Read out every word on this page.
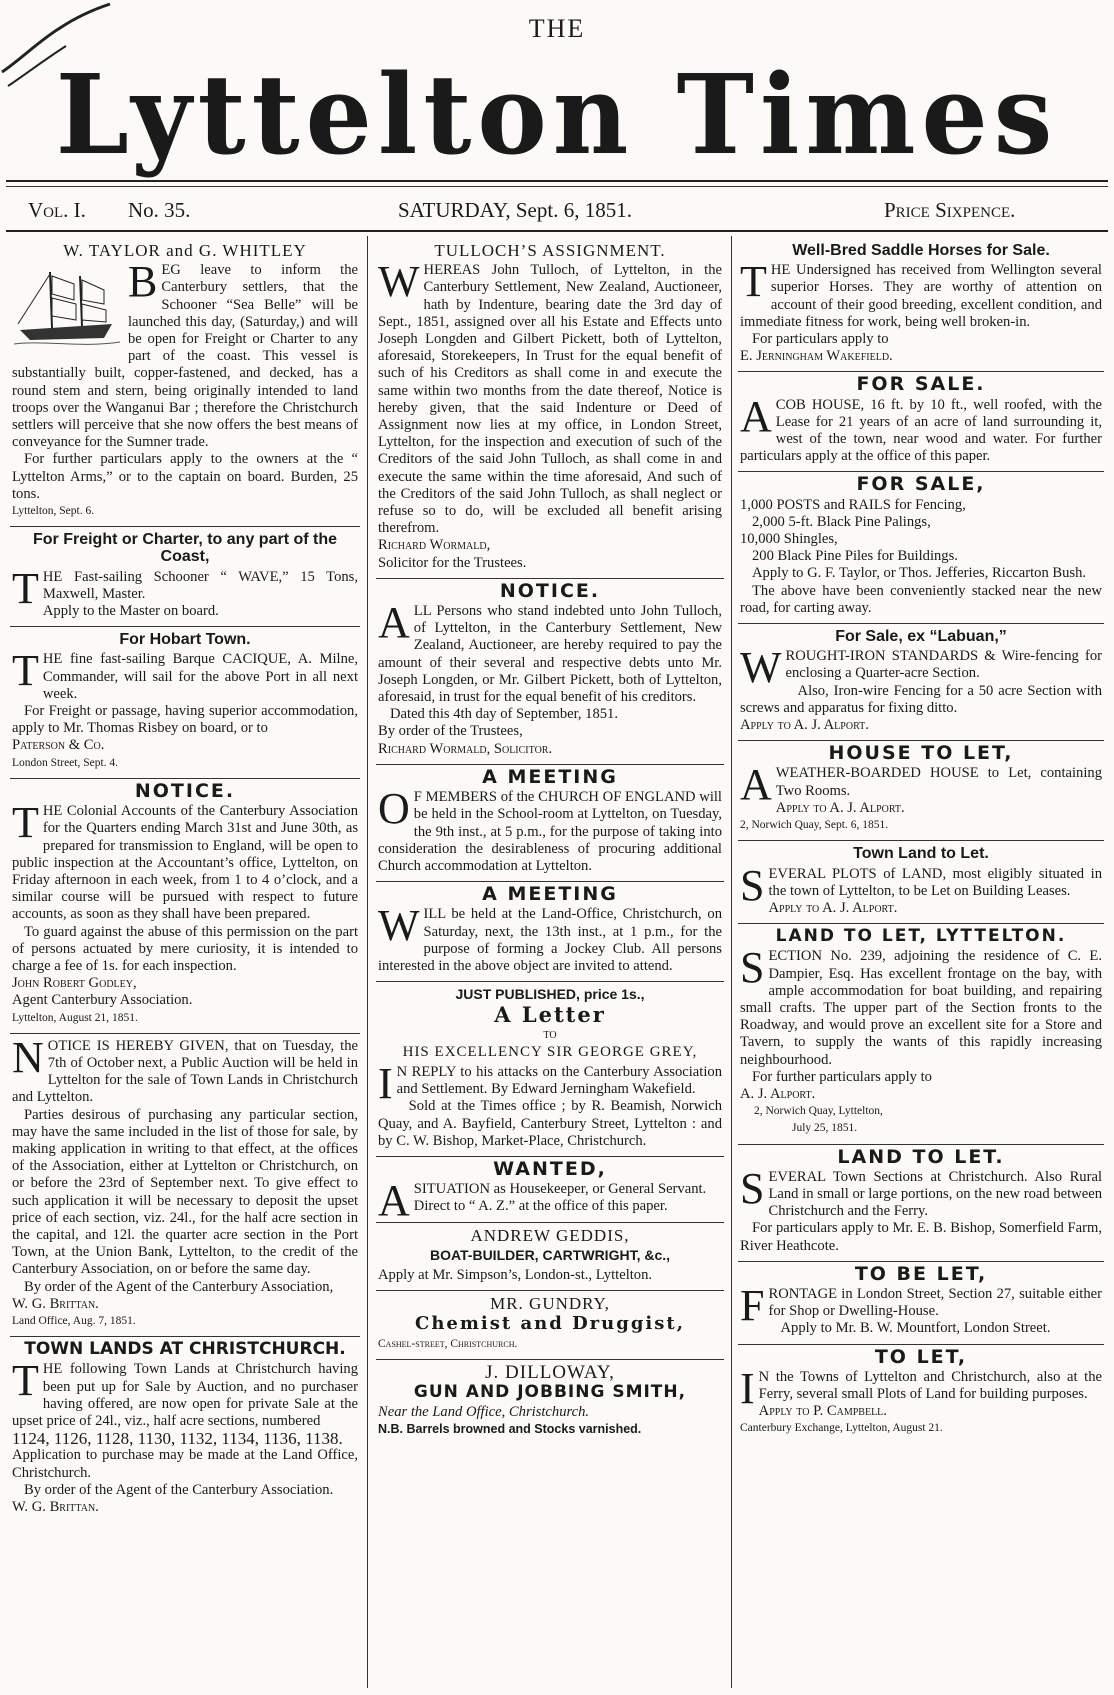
THE
Lyttelton Times
Vol. I. No. 35.	SATURDAY, Sept. 6, 1851.	Price Sixpence.
W. TAYLOR and G. WHITLEY

BEG leave to inform the Canterbury settlers, that the Schooner “Sea Belle” will be launched this day, (Saturday,) and will be open for Freight or Charter to any part of the coast. This vessel is substantially built, copper-fastened, and decked, has a round stem and stern, being originally intended to land troops over the Wanganui Bar ; therefore the Christchurch settlers will perceive that she now offers the best means of conveyance for the Sumner trade.

For further particulars apply to the owners at the “ Lyttelton Arms,” or to the captain on board. Burden, 25 tons.

Lyttelton, Sept. 6.

For Freight or Charter, to any part of the Coast,

THE Fast-sailing Schooner “ WAVE,” 15 Tons, Maxwell, Master.

Apply to the Master on board.

For Hobart Town.

THE fine fast-sailing Barque CACIQUE, A. Milne, Commander, will sail for the above Port in all next week.

For Freight or passage, having superior accommodation, apply to Mr. Thomas Risbey on board, or to

Paterson & Co.

London Street, Sept. 4.

NOTICE.

THE Colonial Accounts of the Canterbury Association for the Quarters ending March 31st and June 30th, as prepared for transmission to England, will be open to public inspection at the Accountant’s office, Lyttelton, on Friday afternoon in each week, from 1 to 4 o’clock, and a similar course will be pursued with respect to future accounts, as soon as they shall have been prepared.

To guard against the abuse of this permission on the part of persons actuated by mere curiosity, it is intended to charge a fee of 1s. for each inspection.

John Robert Godley,

Agent Canterbury Association.

Lyttelton, August 21, 1851.

NOTICE IS HEREBY GIVEN, that on Tuesday, the 7th of October next, a Public Auction will be held in Lyttelton for the sale of Town Lands in Christchurch and Lyttelton.

Parties desirous of purchasing any particular section, may have the same included in the list of those for sale, by making application in writing to that effect, at the offices of the Association, either at Lyttelton or Christchurch, on or before the 23rd of September next. To give effect to such application it will be necessary to deposit the upset price of each section, viz. 24l., for the half acre section in the capital, and 12l. the quarter acre section in the Port Town, at the Union Bank, Lyttelton, to the credit of the Canterbury Association, on or before the same day.

By order of the Agent of the Canterbury Association,

W. G. Brittan.

Land Office, Aug. 7, 1851.

TOWN LANDS AT CHRISTCHURCH.

THE following Town Lands at Christchurch having been put up for Sale by Auction, and no purchaser having offered, are now open for private Sale at the upset price of 24l., viz., half acre sections, numbered

1124, 1126, 1128, 1130, 1132, 1134, 1136, 1138.

Application to purchase may be made at the Land Office, Christchurch.

By order of the Agent of the Canterbury Association.

W. G. Brittan.

TULLOCH’S ASSIGNMENT.

WHEREAS John Tulloch, of Lyttelton, in the Canterbury Settlement, New Zealand, Auctioneer, hath by Indenture, bearing date the 3rd day of Sept., 1851, assigned over all his Estate and Effects unto Joseph Longden and Gilbert Pickett, both of Lyttelton, aforesaid, Storekeepers, In Trust for the equal benefit of such of his Creditors as shall come in and execute the same within two months from the date thereof, Notice is hereby given, that the said Indenture or Deed of Assignment now lies at my office, in London Street, Lyttelton, for the inspection and execution of such of the Creditors of the said John Tulloch, as shall come in and execute the same within the time aforesaid, And such of the Creditors of the said John Tulloch, as shall neglect or refuse so to do, will be excluded all benefit arising therefrom.

Richard Wormald,

Solicitor for the Trustees.

NOTICE.

ALL Persons who stand indebted unto John Tulloch, of Lyttelton, in the Canterbury Settlement, New Zealand, Auctioneer, are hereby required to pay the amount of their several and respective debts unto Mr. Joseph Longden, or Mr. Gilbert Pickett, both of Lyttelton, aforesaid, in trust for the equal benefit of his creditors.

Dated this 4th day of September, 1851.

By order of the Trustees,

Richard Wormald, Solicitor.

A MEETING

O F MEMBERS of the CHURCH OF ENGLAND will be held in the School-room at Lyttelton, on Tuesday, the 9th inst., at 5 p.m., for the purpose of taking into consideration the desirableness of procuring additional Church accommodation at Lyttelton.

A MEETING

WILL be held at the Land-Office, Christchurch, on Saturday, next, the 13th inst., at 1 p.m., for the purpose of forming a Jockey Club. All persons interested in the above object are invited to attend.

JUST PUBLISHED, price 1s.,
A Letter
TO
HIS EXCELLENCY SIR GEORGE GREY,

I N REPLY to his attacks on the Canterbury Association and Settlement. By Edward Jerningham Wakefield.

Sold at the Times office ; by R. Beamish, Norwich Quay, and A. Bayfield, Canterbury Street, Lyttelton : and by C. W. Bishop, Market-Place, Christchurch.

WANTED,

ASITUATION as Housekeeper, or General Servant.

Direct to “ A. Z.” at the office of this paper.

ANDREW GEDDIS,
BOAT-BUILDER, CARTWRIGHT, &c.,

Apply at Mr. Simpson’s, London-st., Lyttelton.

MR. GUNDRY,
Chemist and Druggist,

Cashel-street, Christchurch.

J. DILLOWAY,
GUN AND JOBBING SMITH,

Near the Land Office, Christchurch.

N.B. Barrels browned and Stocks varnished.

Well-Bred Saddle Horses for Sale.

THE Undersigned has received from Wellington several superior Horses. They are worthy of attention on account of their good breeding, excellent condition, and immediate fitness for work, being well broken-in.

For particulars apply to

E. Jerningham Wakefield.

FOR SALE.

ACOB HOUSE, 16 ft. by 10 ft., well roofed, with the Lease for 21 years of an acre of land surrounding it, west of the town, near wood and water. For further particulars apply at the office of this paper.

FOR SALE,

1,000 POSTS and RAILS for Fencing,

2,000 5-ft. Black Pine Palings,

10,000 Shingles,

200 Black Pine Piles for Buildings.

Apply to G. F. Taylor, or Thos. Jefferies, Riccarton Bush.

The above have been conveniently stacked near the new road, for carting away.

For Sale, ex “Labuan,”

WROUGHT-IRON STANDARDS & Wire-fencing for enclosing a Quarter-acre Section.

Also, Iron-wire Fencing for a 50 acre Section with screws and apparatus for fixing ditto.

Apply to A. J. Alport.

HOUSE TO LET,

AWEATHER-BOARDED HOUSE to Let, containing Two Rooms.

Apply to A. J. Alport.

2, Norwich Quay, Sept. 6, 1851.

Town Land to Let.

SEVERAL PLOTS of LAND, most eligibly situated in the town of Lyttelton, to be Let on Building Leases.

Apply to A. J. Alport.

LAND TO LET, LYTTELTON.

SECTION No. 239, adjoining the residence of C. E. Dampier, Esq. Has excellent frontage on the bay, with ample accommodation for boat building, and repairing small crafts. The upper part of the Section fronts to the Roadway, and would prove an excellent site for a Store and Tavern, to supply the wants of this rapidly increasing neighbourhood.

For further particulars apply to

A. J. Alport.

2, Norwich Quay, Lyttelton,

July 25, 1851.

LAND TO LET.

SEVERAL Town Sections at Christchurch. Also Rural Land in small or large portions, on the new road between Christchurch and the Ferry.

For particulars apply to Mr. E. B. Bishop, Somerfield Farm, River Heathcote.

TO BE LET,

FRONTAGE in London Street, Section 27, suitable either for Shop or Dwelling-House.

Apply to Mr. B. W. Mountfort, London Street.

TO LET,

I N the Towns of Lyttelton and Christchurch, also at the Ferry, several small Plots of Land for building purposes.

Apply to P. Campbell.

Canterbury Exchange, Lyttelton, August 21.
